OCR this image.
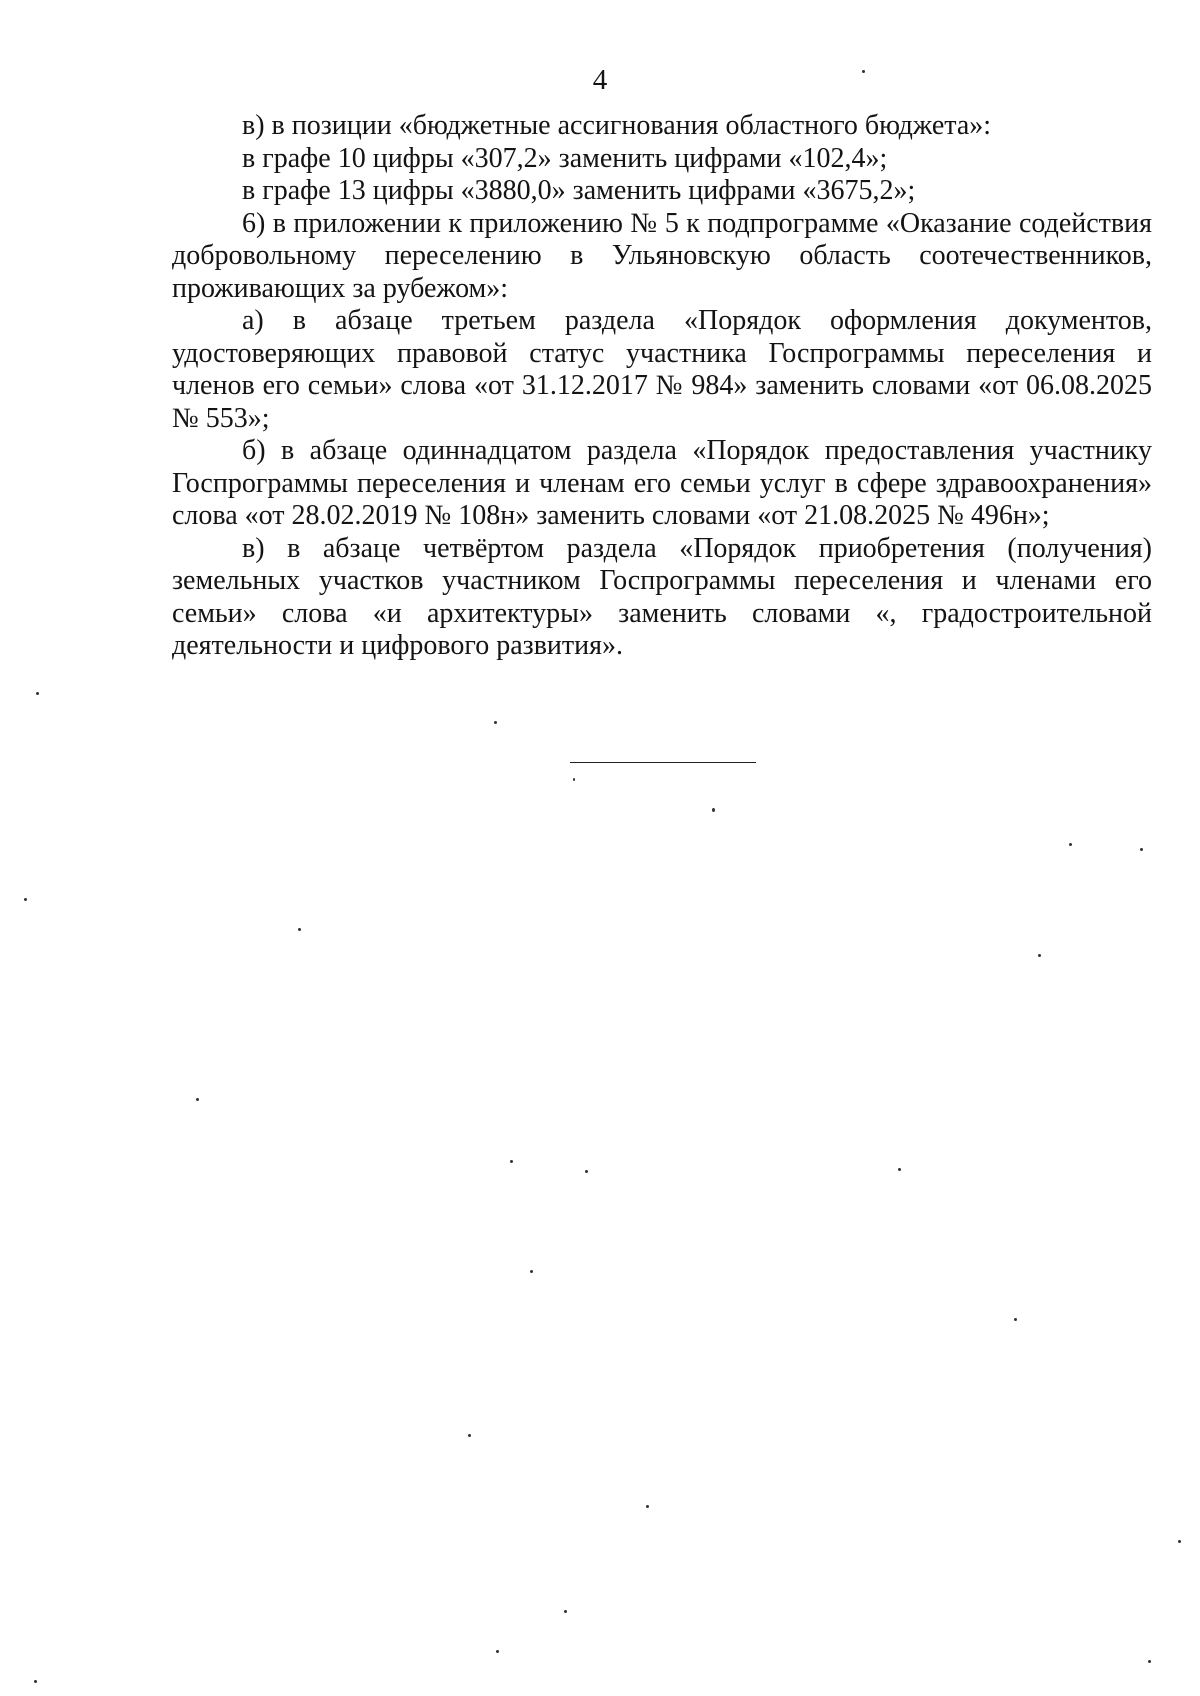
4

в) в позиции «бюджетные ассигнования областного бюджета»:

в графе 10 цифры «307,2» заменить цифрами «102,4»;

в графе 13 цифры «3880,0» заменить цифрами «3675,2»;

6) в приложении к приложению № 5 к подпрограмме «Оказание содействия добровольному переселению в Ульяновскую область соотечественников, проживающих за рубежом»:

а) в абзаце третьем раздела «Порядок оформления документов, удостоверяющих правовой статус участника Госпрограммы переселения и членов его семьи» слова «от 31.12.2017 № 984» заменить словами «от 06.08.2025 № 553»;

б) в абзаце одиннадцатом раздела «Порядок предоставления участнику Госпрограммы переселения и членам его семьи услуг в сфере здравоохранения» слова «от 28.02.2019 № 108н» заменить словами «от 21.08.2025 № 496н»;

в) в абзаце четвёртом раздела «Порядок приобретения (получения) земельных участков участником Госпрограммы переселения и членами его семьи» слова «и архитектуры» заменить словами «, градостроительной деятельности и цифрового развития».
